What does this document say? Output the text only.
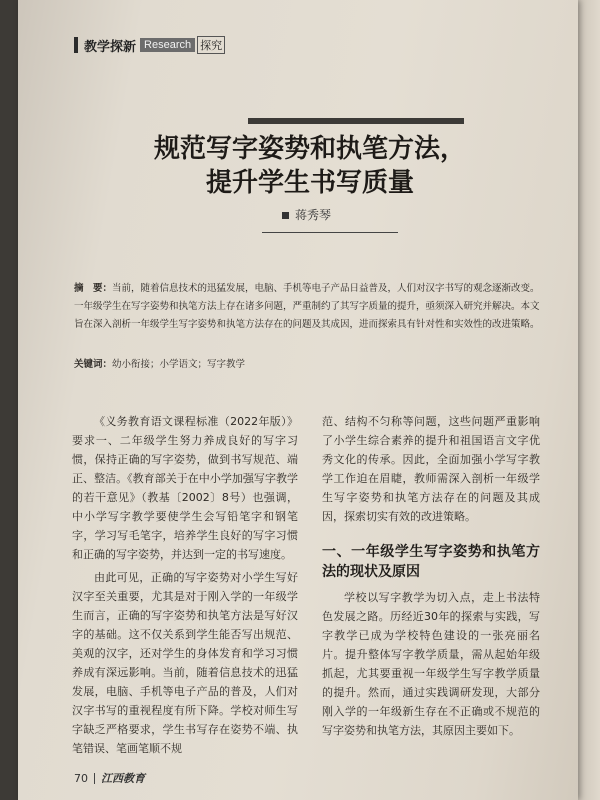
教学探新 Research 探究
规范写字姿势和执笔方法，
提升学生书写质量
蒋秀琴
摘　要：当前，随着信息技术的迅猛发展，电脑、手机等电子产品日益普及，人们对汉字书写的观念逐渐改变。一年级学生在写字姿势和执笔方法上存在诸多问题，严重制约了其写字质量的提升，亟须深入研究并解决。本文旨在深入剖析一年级学生写字姿势和执笔方法存在的问题及其成因，进而探索具有针对性和实效性的改进策略。
关键词：幼小衔接；小学语文；写字教学

《义务教育语文课程标准（2022年版）》要求一、二年级学生努力养成良好的写字习惯，保持正确的写字姿势，做到书写规范、端正、整洁。《教育部关于在中小学加强写字教学的若干意见》（教基〔2002〕8号）也强调，中小学写字教学要使学生会写铅笔字和钢笔字，学习写毛笔字，培养学生良好的写字习惯和正确的写字姿势，并达到一定的书写速度。

由此可见，正确的写字姿势对小学生写好汉字至关重要，尤其是对于刚入学的一年级学生而言，正确的写字姿势和执笔方法是写好汉字的基础。这不仅关系到学生能否写出规范、美观的汉字，还对学生的身体发育和学习习惯养成有深远影响。当前，随着信息技术的迅猛发展，电脑、手机等电子产品的普及，人们对汉字书写的重视程度有所下降。学校对师生写字缺乏严格要求，学生书写存在姿势不端、执笔错误、笔画笔顺不规

范、结构不匀称等问题，这些问题严重影响了小学生综合素养的提升和祖国语言文字优秀文化的传承。因此，全面加强小学写字教学工作迫在眉睫，教师需深入剖析一年级学生写字姿势和执笔方法存在的问题及其成因，探索切实有效的改进策略。

一、一年级学生写字姿势和执笔方法的现状及原因

学校以写字教学为切入点，走上书法特色发展之路。历经近30年的探索与实践，写字教学已成为学校特色建设的一张亮丽名片。提升整体写字教学质量，需从起始年级抓起，尤其要重视一年级学生写字教学质量的提升。然而，通过实践调研发现，大部分刚入学的一年级新生存在不正确或不规范的写字姿势和执笔方法，其原因主要如下。

70 江西教育
